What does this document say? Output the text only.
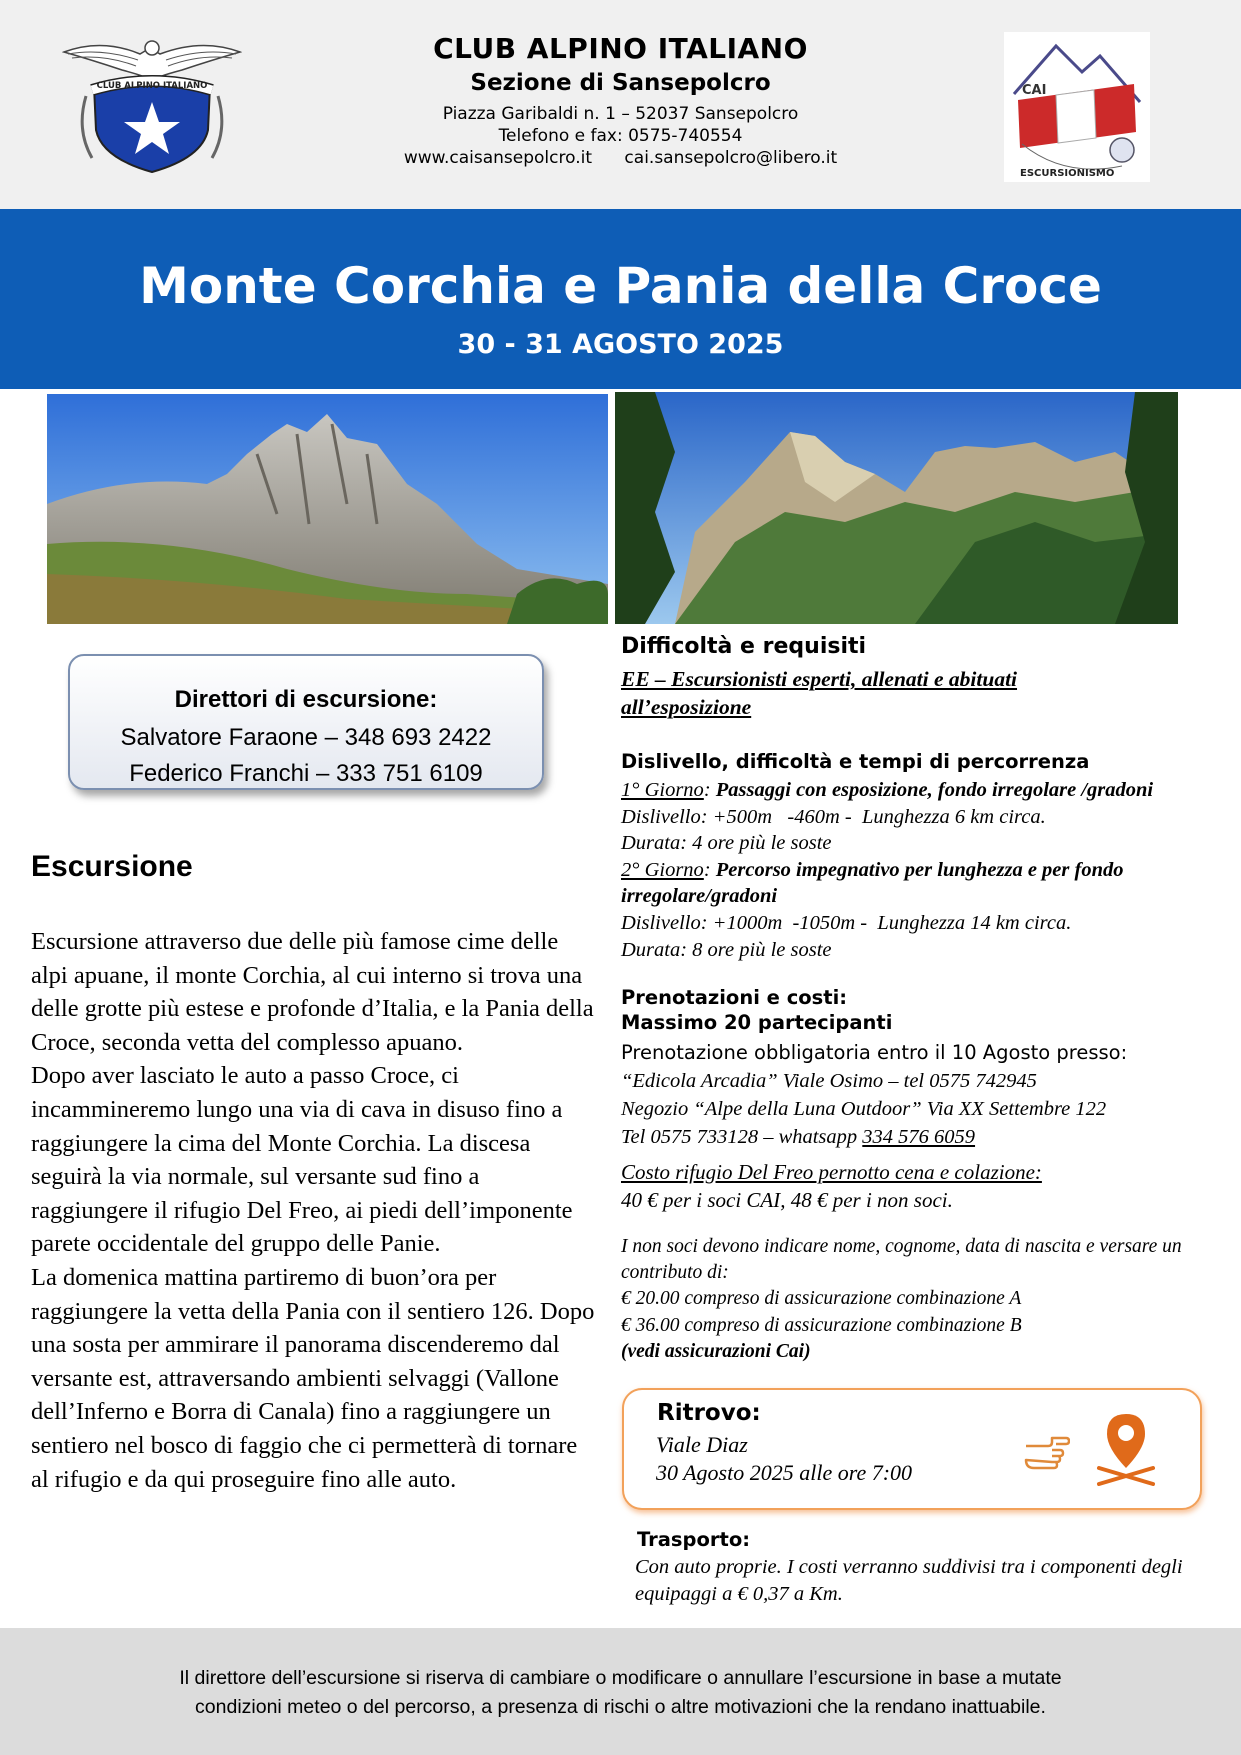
CLUB ALPINO ITALIANO
CLUB ALPINO ITALIANO
Sezione di Sansepolcro
Piazza Garibaldi n. 1 – 52037 Sansepolcro
Telefono e fax: 0575-740554
www.caisansepolcro.it      cai.sansepolcro@libero.it
CAI
ESCURSIONISMO
Monte Corchia e Pania della Croce
30 - 31 AGOSTO 2025
Direttori di escursione:
Salvatore Faraone – 348 693 2422
Federico Franchi – 333 751 6109
Escursione
Escursione attraverso due delle più famose cime delle alpi apuane, il monte Corchia, al cui interno si trova una delle grotte più estese e profonde d’Italia, e la Pania della Croce, seconda vetta del complesso apuano.
Dopo aver lasciato le auto a passo Croce, ci incammineremo lungo una via di cava in disuso fino a raggiungere la cima del Monte Corchia. La discesa seguirà la via normale, sul versante sud fino a raggiungere il rifugio Del Freo, ai piedi dell’imponente parete occidentale del gruppo delle Panie.
La domenica mattina partiremo di buon’ora per raggiungere la vetta della Pania con il sentiero 126. Dopo una sosta per ammirare il panorama discenderemo dal versante est, attraversando ambienti selvaggi (Vallone dell’Inferno e Borra di Canala) fino a raggiungere un sentiero nel bosco di faggio che ci permetterà di tornare al rifugio e da qui proseguire fino alle auto.
Difficoltà e requisiti
EE – Escursionisti esperti, allenati e abituati all’esposizione
Dislivello, difficoltà e tempi di percorrenza
1° Giorno: Passaggi con esposizione, fondo irregolare /gradoni
Dislivello: +500m   -460m -  Lunghezza 6 km circa.
Durata: 4 ore più le soste
2° Giorno: Percorso impegnativo per lunghezza e per fondo irregolare/gradoni
Dislivello: +1000m  -1050m -  Lunghezza 14 km circa.
Durata: 8 ore più le soste
Prenotazioni e costi:
Massimo 20 partecipanti
Prenotazione obbligatoria entro il 10 Agosto presso:
“Edicola Arcadia” Viale Osimo – tel 0575 742945
Negozio “Alpe della Luna Outdoor” Via XX Settembre 122
Tel 0575 733128 – whatsapp 334 576 6059
Costo rifugio Del Freo pernotto cena e colazione:
40 € per i soci CAI, 48 € per i non soci.
I non soci devono indicare nome, cognome, data di nascita e versare un contributo di:
€ 20.00 compreso di assicurazione combinazione A
€ 36.00 compreso di assicurazione combinazione B
(vedi assicurazioni Cai)
Ritrovo:
Viale Diaz
30 Agosto 2025 alle ore 7:00
Trasporto:
Con auto proprie. I costi verranno suddivisi tra i componenti degli equipaggi a € 0,37 a Km.
Il direttore dell’escursione si riserva di cambiare o modificare o annullare l’escursione in base a mutate
condizioni meteo o del percorso, a presenza di rischi o altre motivazioni che la rendano inattuabile.
